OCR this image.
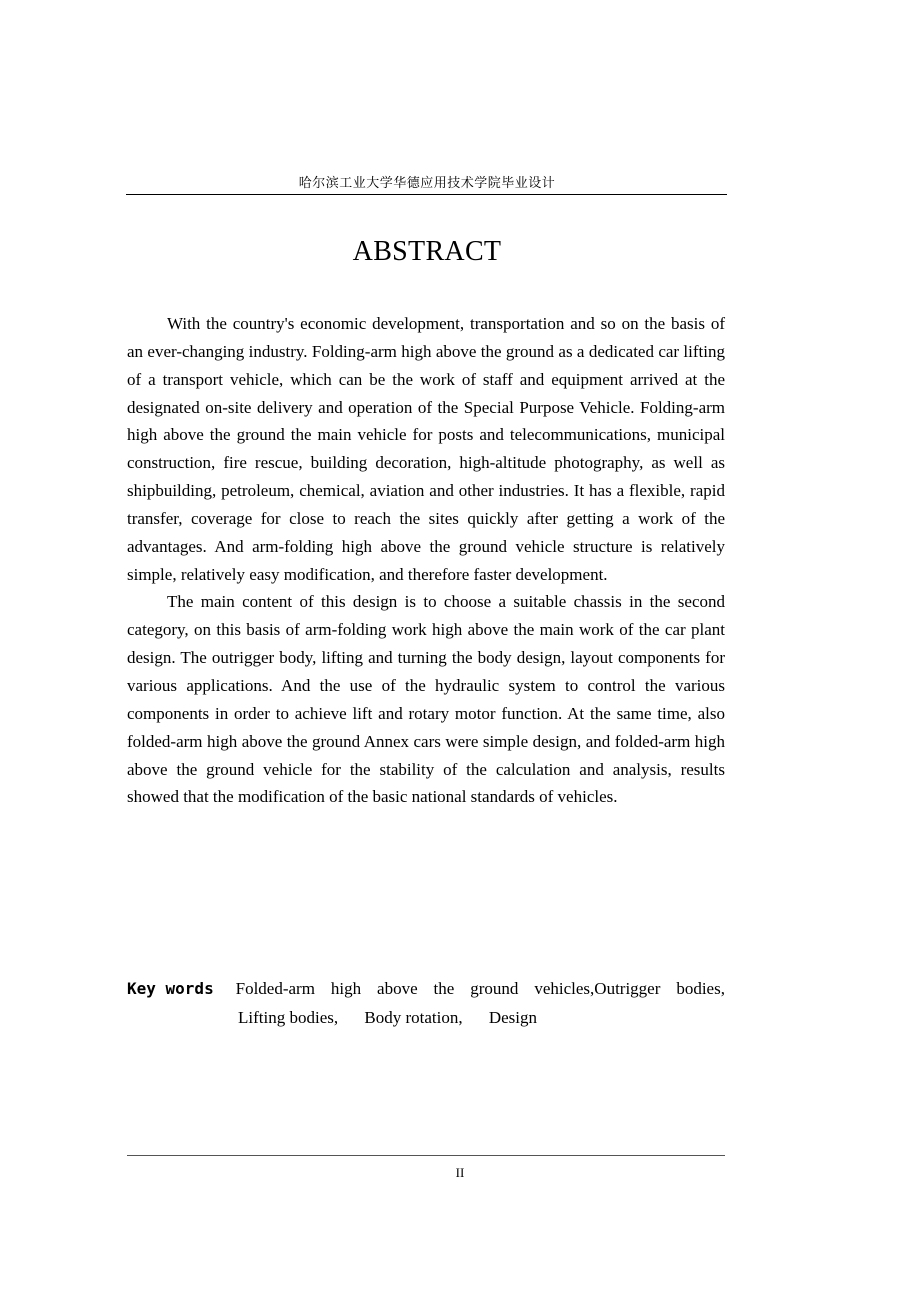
哈尔滨工业大学华德应用技术学院毕业设计
ABSTRACT

With the country's economic development, transportation and so on the basis of an ever-changing industry. Folding-arm high above the ground as a dedicated car lifting of a transport vehicle, which can be the work of staff and equipment arrived at the designated on-site delivery and operation of the Special Purpose Vehicle. Folding-arm high above the ground the main vehicle for posts and telecommunications, municipal construction, fire rescue, building decoration, high-altitude photography, as well as shipbuilding, petroleum, chemical, aviation and other industries. It has a flexible, rapid transfer, coverage for close to reach the sites quickly after getting a work of the advantages. And arm-folding high above the ground vehicle structure is relatively simple, relatively easy modification, and therefore faster development.

The main content of this design is to choose a suitable chassis in the second category, on this basis of arm-folding work high above the main work of the car plant design. The outrigger body, lifting and turning the body design, layout components for various applications. And the use of the hydraulic system to control the various components in order to achieve lift and rotary motor function. At the same time, also folded-arm high above the ground Annex cars were simple design, and folded-arm high above the ground vehicle for the stability of the calculation and analysis, results showed that the modification of the basic national standards of vehicles.

Key words Folded-arm high above the ground vehicles,Outrigger bodies,
Lifting bodies, Body rotation, Design
II
